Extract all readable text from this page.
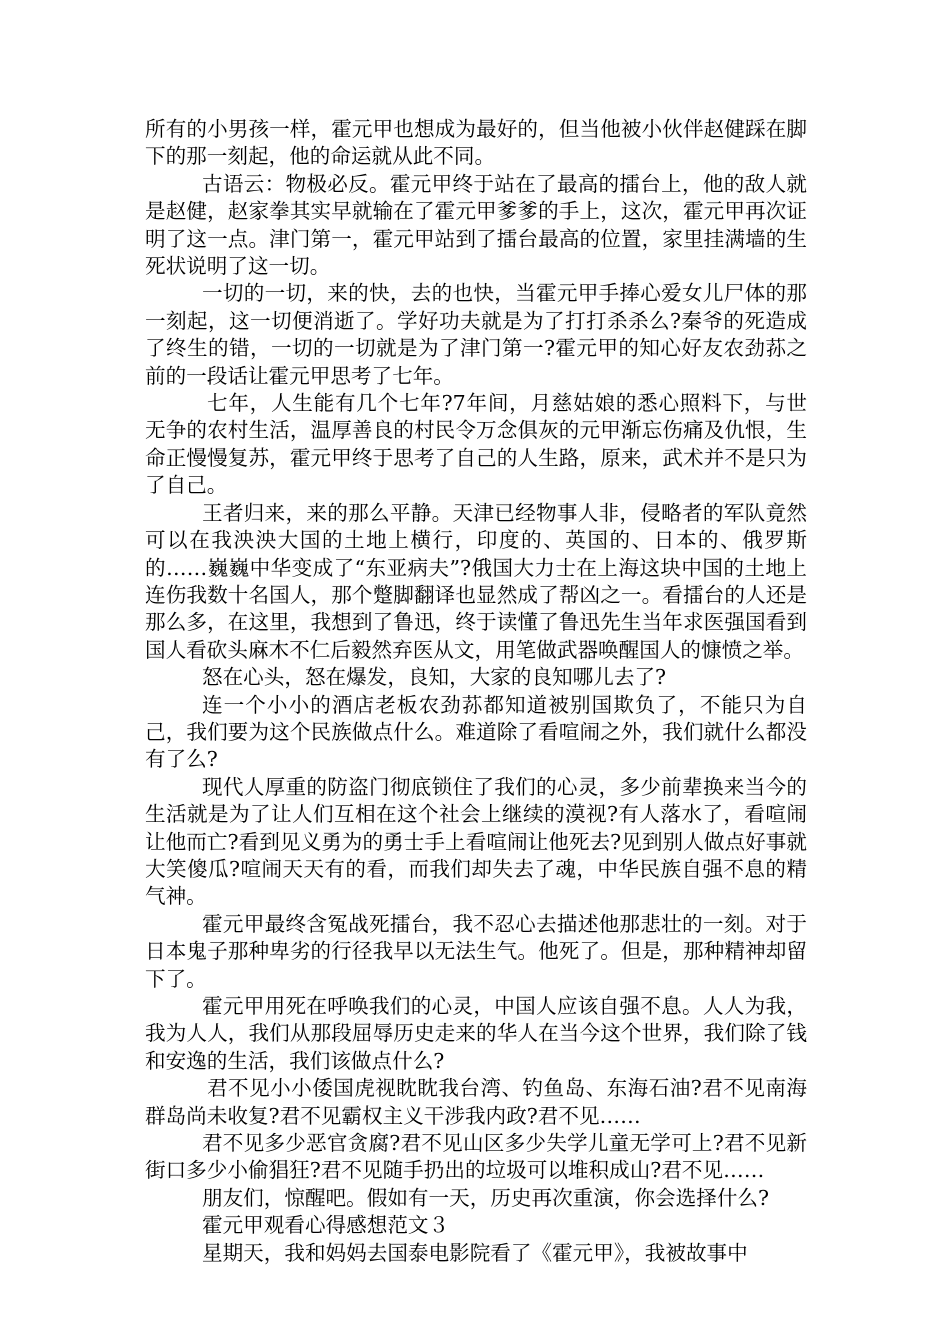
所有的小男孩一样，霍元甲也想成为最好的，但当他被小伙伴赵健踩在脚下的那一刻起，他的命运就从此不同。

古语云：物极必反。霍元甲终于站在了最高的擂台上，他的敌人就是赵健，赵家拳其实早就输在了霍元甲爹爹的手上，这次，霍元甲再次证明了这一点。津门第一，霍元甲站到了擂台最高的位置，家里挂满墙的生死状说明了这一切。

一切的一切，来的快，去的也快，当霍元甲手捧心爱女儿尸体的那一刻起，这一切便消逝了。学好功夫就是为了打打杀杀么?秦爷的死造成了终生的错，一切的一切就是为了津门第一?霍元甲的知心好友农劲荪之前的一段话让霍元甲思考了七年。

七年，人生能有几个七年?7年间，月慈姑娘的悉心照料下，与世无争的农村生活，温厚善良的村民令万念俱灰的元甲渐忘伤痛及仇恨，生命正慢慢复苏，霍元甲终于思考了自己的人生路，原来，武术并不是只为了自己。

王者归来，来的那么平静。天津已经物事人非，侵略者的军队竟然可以在我泱泱大国的土地上横行，印度的、英国的、日本的、俄罗斯的……巍巍中华变成了“东亚病夫”?俄国大力士在上海这块中国的土地上连伤我数十名国人，那个蹩脚翻译也显然成了帮凶之一。看擂台的人还是那么多，在这里，我想到了鲁迅，终于读懂了鲁迅先生当年求医强国看到国人看砍头麻木不仁后毅然弃医从文，用笔做武器唤醒国人的慷愤之举。

怒在心头，怒在爆发，良知，大家的良知哪儿去了?

连一个小小的酒店老板农劲荪都知道被别国欺负了，不能只为自己，我们要为这个民族做点什么。难道除了看喧闹之外，我们就什么都没有了么?

现代人厚重的防盗门彻底锁住了我们的心灵，多少前辈换来当今的生活就是为了让人们互相在这个社会上继续的漠视?有人落水了，看喧闹让他而亡?看到见义勇为的勇士手上看喧闹让他死去?见到别人做点好事就大笑傻瓜?喧闹天天有的看，而我们却失去了魂，中华民族自强不息的精气神。

霍元甲最终含冤战死擂台，我不忍心去描述他那悲壮的一刻。对于日本鬼子那种卑劣的行径我早以无法生气。他死了。但是，那种精神却留下了。

霍元甲用死在呼唤我们的心灵，中国人应该自强不息。人人为我，我为人人，我们从那段屈辱历史走来的华人在当今这个世界，我们除了钱和安逸的生活，我们该做点什么?

君不见小小倭国虎视眈眈我台湾、钓鱼岛、东海石油?君不见南海群岛尚未收复?君不见霸权主义干涉我内政?君不见……

君不见多少恶官贪腐?君不见山区多少失学儿童无学可上?君不见新街口多少小偷猖狂?君不见随手扔出的垃圾可以堆积成山?君不见……

朋友们，惊醒吧。假如有一天，历史再次重演，你会选择什么?

霍元甲观看心得感想范文３

星期天，我和妈妈去国泰电影院看了《霍元甲》，我被故事中
